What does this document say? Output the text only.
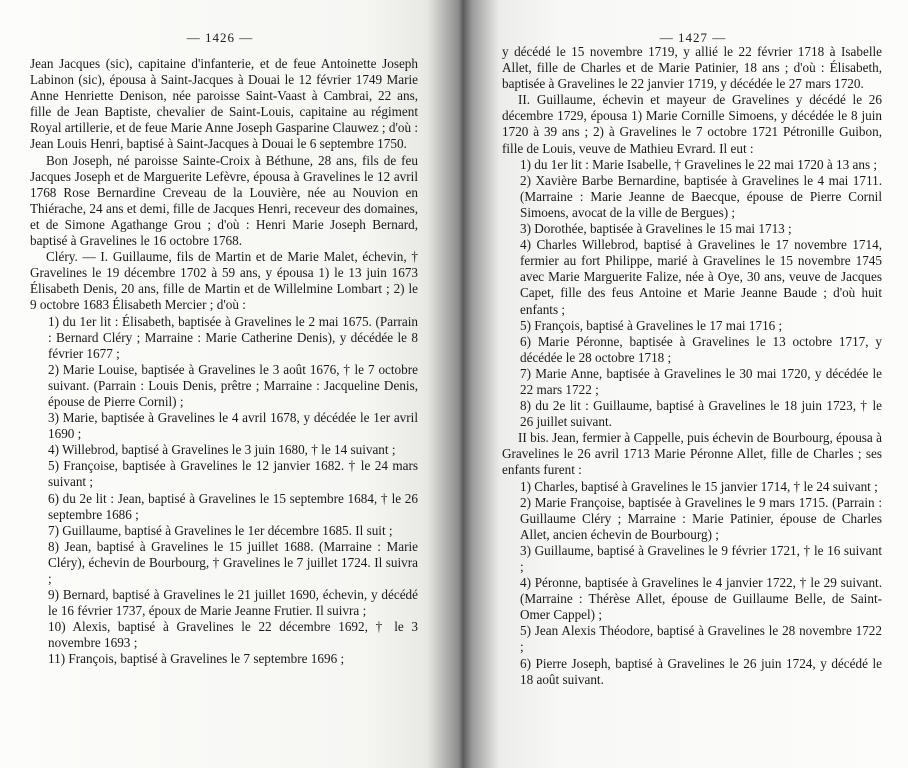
— 1426 —

Jean Jacques (sic), capitaine d'infanterie, et de feue Antoinette Joseph Labinon (sic), épousa à Saint-Jacques à Douai le 12 février 1749 Marie Anne Henriette Denison, née paroisse Saint-Vaast à Cambrai, 22 ans, fille de Jean Baptiste, chevalier de Saint-Louis, capitaine au régiment Royal artillerie, et de feue Marie Anne Joseph Gasparine Clauwez ; d'où : Jean Louis Henri, baptisé à Saint-Jacques à Douai le 6 septembre 1750.

Bon Joseph, né paroisse Sainte-Croix à Béthune, 28 ans, fils de feu Jacques Joseph et de Marguerite Lefèvre, épousa à Gravelines le 12 avril 1768 Rose Bernardine Creveau de la Louvière, née au Nouvion en Thiérache, 24 ans et demi, fille de Jacques Henri, receveur des domaines, et de Simone Agathange Grou ; d'où : Henri Marie Joseph Bernard, baptisé à Gravelines le 16 octobre 1768.

Cléry. — I. Guillaume, fils de Martin et de Marie Malet, échevin, † Gravelines le 19 décembre 1702 à 59 ans, y épousa 1) le 13 juin 1673 Élisabeth Denis, 20 ans, fille de Martin et de Willelmine Lombart ; 2) le 9 octobre 1683 Élisabeth Mercier ; d'où :

1) du 1er lit : Élisabeth, baptisée à Gravelines le 2 mai 1675. (Parrain : Bernard Cléry ; Marraine : Marie Catherine Denis), y décédée le 8 février 1677 ;

2) Marie Louise, baptisée à Gravelines le 3 août 1676, † le 7 octobre suivant. (Parrain : Louis Denis, prêtre ; Marraine : Jacqueline Denis, épouse de Pierre Cornil) ;

3) Marie, baptisée à Gravelines le 4 avril 1678, y décédée le 1er avril 1690 ;

4) Willebrod, baptisé à Gravelines le 3 juin 1680, † le 14 suivant ;

5) Françoise, baptisée à Gravelines le 12 janvier 1682. † le 24 mars suivant ;

6) du 2e lit : Jean, baptisé à Gravelines le 15 septembre 1684, † le 26 septembre 1686 ;

7) Guillaume, baptisé à Gravelines le 1er décembre 1685. Il suit ;

8) Jean, baptisé à Gravelines le 15 juillet 1688. (Marraine : Marie Cléry), échevin de Bourbourg, † Gravelines le 7 juillet 1724. Il suivra ;

9) Bernard, baptisé à Gravelines le 21 juillet 1690, échevin, y décédé le 16 février 1737, époux de Marie Jeanne Frutier. Il suivra ;

10) Alexis, baptisé à Gravelines le 22 décembre 1692, † le 3 novembre 1693 ;

11) François, baptisé à Gravelines le 7 septembre 1696 ;

— 1427 —

y décédé le 15 novembre 1719, y allié le 22 février 1718 à Isabelle Allet, fille de Charles et de Marie Patinier, 18 ans ; d'où : Élisabeth, baptisée à Gravelines le 22 janvier 1719, y décédée le 27 mars 1720.

II. Guillaume, échevin et mayeur de Gravelines y décédé le 26 décembre 1729, épousa 1) Marie Cornille Simoens, y décédée le 8 juin 1720 à 39 ans ; 2) à Gravelines le 7 octobre 1721 Pétronille Guibon, fille de Louis, veuve de Mathieu Evrard. Il eut :

1) du 1er lit : Marie Isabelle, † Gravelines le 22 mai 1720 à 13 ans ;

2) Xavière Barbe Bernardine, baptisée à Gravelines le 4 mai 1711. (Marraine : Marie Jeanne de Baecque, épouse de Pierre Cornil Simoens, avocat de la ville de Bergues) ;

3) Dorothée, baptisée à Gravelines le 15 mai 1713 ;

4) Charles Willebrod, baptisé à Gravelines le 17 novembre 1714, fermier au fort Philippe, marié à Gravelines le 15 novembre 1745 avec Marie Marguerite Falize, née à Oye, 30 ans, veuve de Jacques Capet, fille des feus Antoine et Marie Jeanne Baude ; d'où huit enfants ;

5) François, baptisé à Gravelines le 17 mai 1716 ;

6) Marie Péronne, baptisée à Gravelines le 13 octobre 1717, y décédée le 28 octobre 1718 ;

7) Marie Anne, baptisée à Gravelines le 30 mai 1720, y décédée le 22 mars 1722 ;

8) du 2e lit : Guillaume, baptisé à Gravelines le 18 juin 1723, † le 26 juillet suivant.

II bis. Jean, fermier à Cappelle, puis échevin de Bourbourg, épousa à Gravelines le 26 avril 1713 Marie Péronne Allet, fille de Charles ; ses enfants furent :

1) Charles, baptisé à Gravelines le 15 janvier 1714, † le 24 suivant ;

2) Marie Françoise, baptisée à Gravelines le 9 mars 1715. (Parrain : Guillaume Cléry ; Marraine : Marie Patinier, épouse de Charles Allet, ancien échevin de Bourbourg) ;

3) Guillaume, baptisé à Gravelines le 9 février 1721, † le 16 suivant ;

4) Péronne, baptisée à Gravelines le 4 janvier 1722, † le 29 suivant. (Marraine : Thérèse Allet, épouse de Guillaume Belle, de Saint-Omer Cappel) ;

5) Jean Alexis Théodore, baptisé à Gravelines le 28 novembre 1722 ;

6) Pierre Joseph, baptisé à Gravelines le 26 juin 1724, y décédé le 18 août suivant.
